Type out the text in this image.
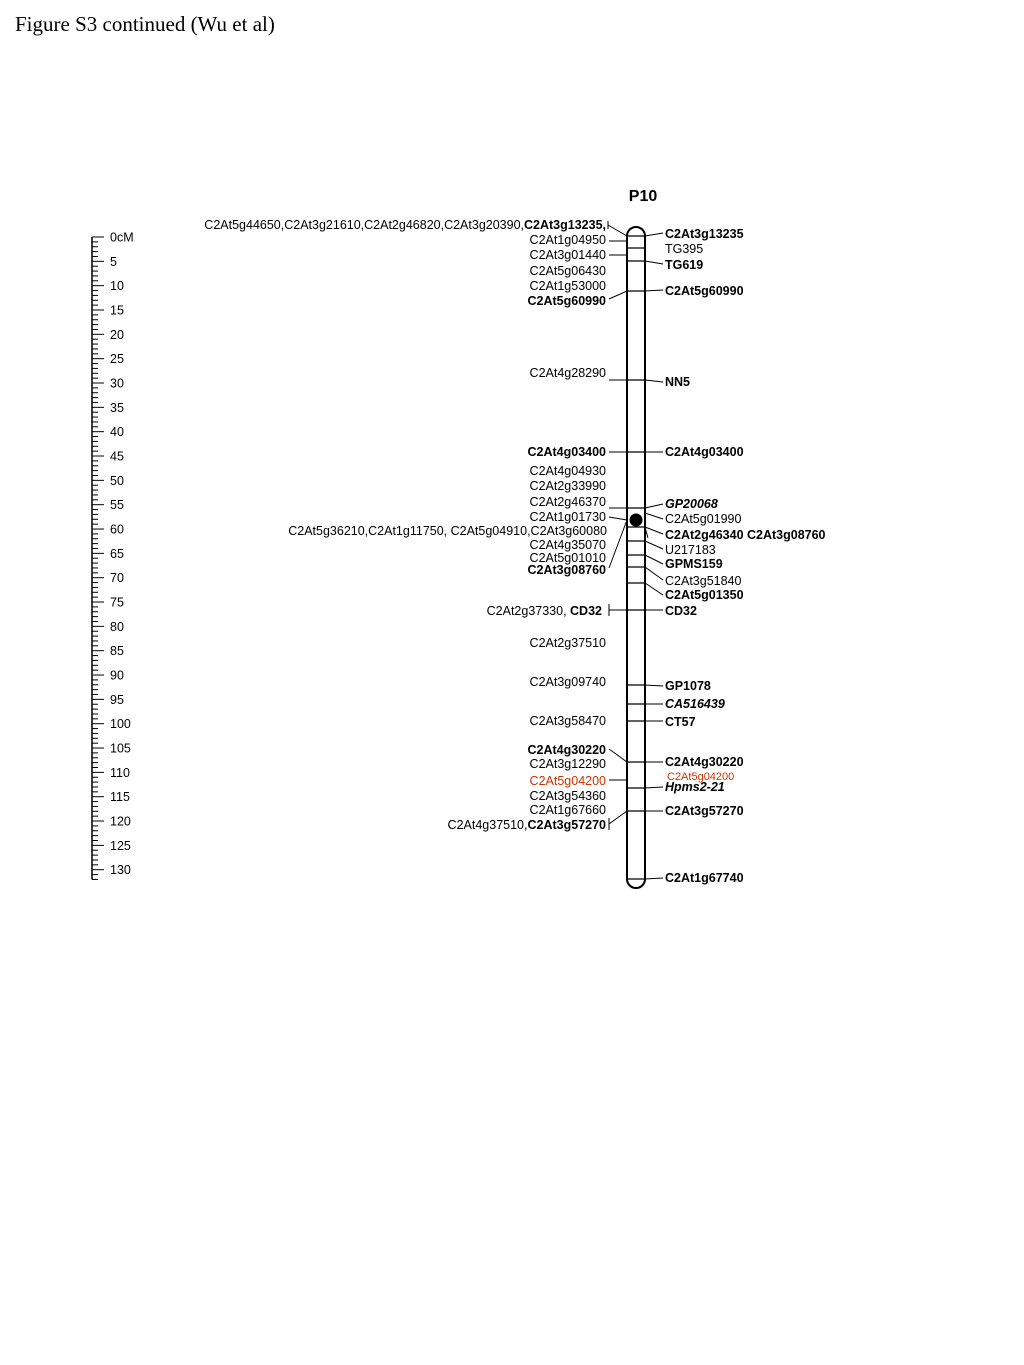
Figure S3 continued (Wu et al)
0cM
5
10
15
20
25
30
35
40
45
50
55
60
65
70
75
80
85
90
95
100
105
110
115
120
125
130
P10
C2At5g44650,C2At3g21610,C2At2g46820,C2At3g20390,C2At3g13235,
C2At1g04950
C2At3g01440
C2At5g06430
C2At1g53000
C2At5g60990
C2At4g28290
C2At4g03400
C2At4g04930
C2At2g33990
C2At2g46370
C2At1g01730
C2At5g36210,C2At1g11750, C2At5g04910,C2At3g60080
C2At4g35070
C2At5g01010
C2At3g08760
C2At2g37330, CD32
C2At2g37510
C2At3g09740
C2At3g58470
C2At4g30220
C2At3g12290
C2At5g04200
C2At3g54360
C2At1g67660
C2At4g37510,C2At3g57270
C2At3g13235
TG395
TG619
C2At5g60990
NN5
C2At4g03400
GP20068
C2At5g01990
C2At2g46340 C2At3g08760
U217183
GPMS159
C2At3g51840
C2At5g01350
CD32
GP1078
CA516439
CT57
C2At4g30220
C2At5g04200
Hpms2-21
C2At3g57270
C2At1g67740
